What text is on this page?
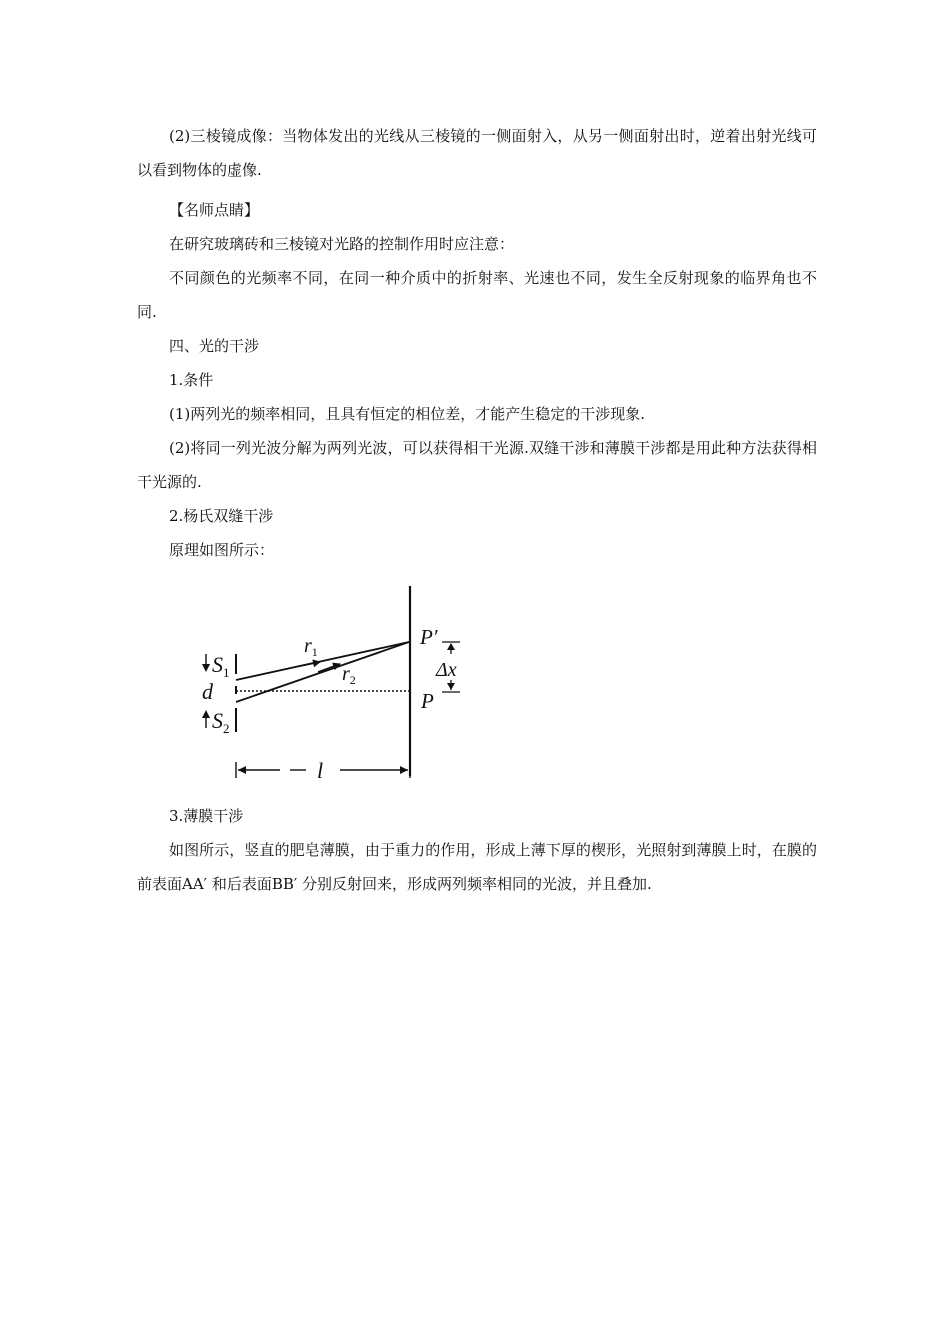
(2)三棱镜成像：当物体发出的光线从三棱镜的一侧面射入，从另一侧面射出时，逆着出射光线可以看到物体的虚像.

【名师点睛】

在研究玻璃砖和三棱镜对光路的控制作用时应注意：

不同颜色的光频率不同，在同一种介质中的折射率、光速也不同，发生全反射现象的临界角也不同.

四、光的干涉

1.条件

(1)两列光的频率相同，且具有恒定的相位差，才能产生稳定的干涉现象.

(2)将同一列光波分解为两列光波，可以获得相干光源.双缝干涉和薄膜干涉都是用此种方法获得相干光源的.

2.杨氏双缝干涉

原理如图所示：

$S_1$
d
$S_2$
$r_1$
$r_2$
P′
P
Δx
l

3.薄膜干涉

如图所示，竖直的肥皂薄膜，由于重力的作用，形成上薄下厚的楔形，光照射到薄膜上时，在膜的前表面AA′ 和后表面BB′ 分别反射回来，形成两列频率相同的光波，并且叠加.
